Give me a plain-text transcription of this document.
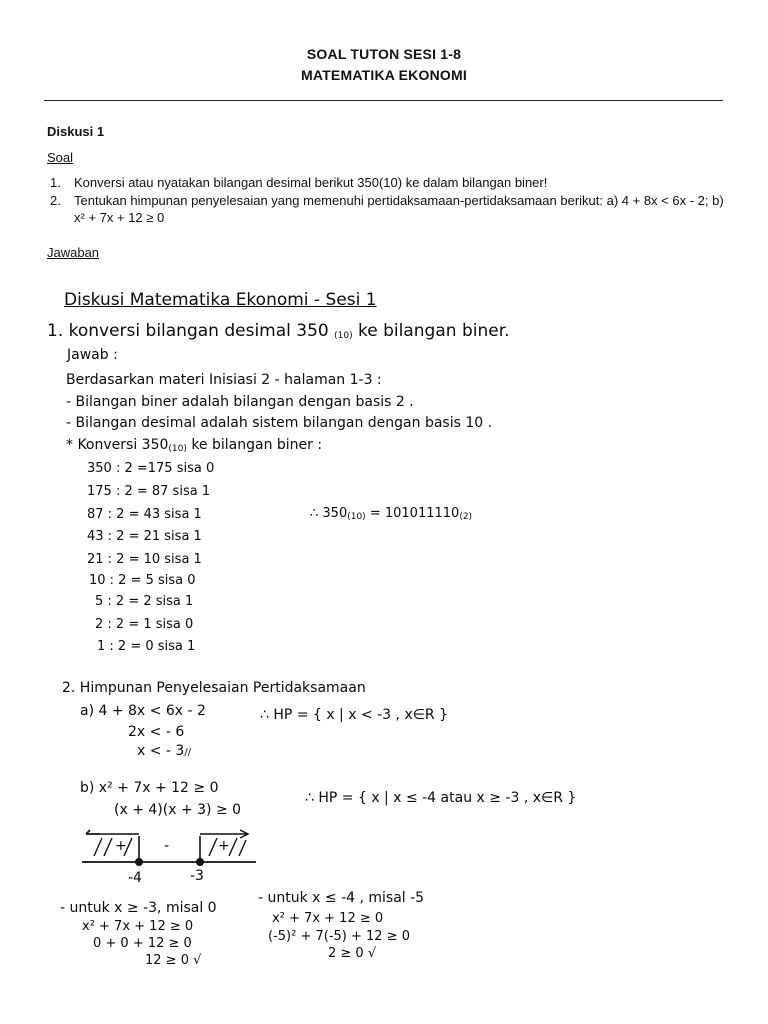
SOAL TUTON SESI 1-8
MATEMATIKA EKONOMI
Diskusi 1
Soal
1. Konversi atau nyatakan bilangan desimal berikut 350(10) ke dalam bilangan biner!
2. Tentukan himpunan penyelesaian yang memenuhi pertidaksamaan-pertidaksamaan berikut: a) 4 + 8x < 6x - 2; b) x² + 7x + 12 ≥ 0
Jawaban
Diskusi Matematika Ekonomi - Sesi 1
1. konversi bilangan desimal 350 $_{(10)}$ ke bilangan biner.
Jawab :
Berdasarkan materi Inisiasi 2 - halaman 1-3 :
- Bilangan biner adalah bilangan dengan basis 2 .
- Bilangan desimal adalah sistem bilangan dengan basis 10 .
* Konversi $350_{(10)}$ ke bilangan biner :
350 : 2 =175 sisa 0
175 : 2 = 87 sisa 1
87 : 2 = 43 sisa 1
43 : 2 = 21 sisa 1
21 : 2 = 10 sisa 1
10 : 2 = 5 sisa 0
5 : 2 = 2 sisa 1
2 : 2 = 1 sisa 0
1 : 2 = 0 sisa 1
∴ $350_{(10)} = 101011110_{(2)}$
2. Himpunan Penyelesaian Pertidaksamaan
a) 4 + 8x < 6x - 2
2x < - 6
x < - 3//
∴ HP = { x | x < -3 , x∈R }
b) x² + 7x + 12 ≥ 0
(x + 4)(x + 3) ≥ 0
∴ HP = { x | x ≤ -4 atau x ≥ -3 , x∈R }
+	-	+
-4	-3
- untuk x ≥ -3, misal 0
x² + 7x + 12 ≥ 0
0 + 0 + 12 ≥ 0
12 ≥ 0 √
- untuk x ≤ -4 , misal -5
x² + 7x + 12 ≥ 0
(-5)² + 7(-5) + 12 ≥ 0
2 ≥ 0 √
